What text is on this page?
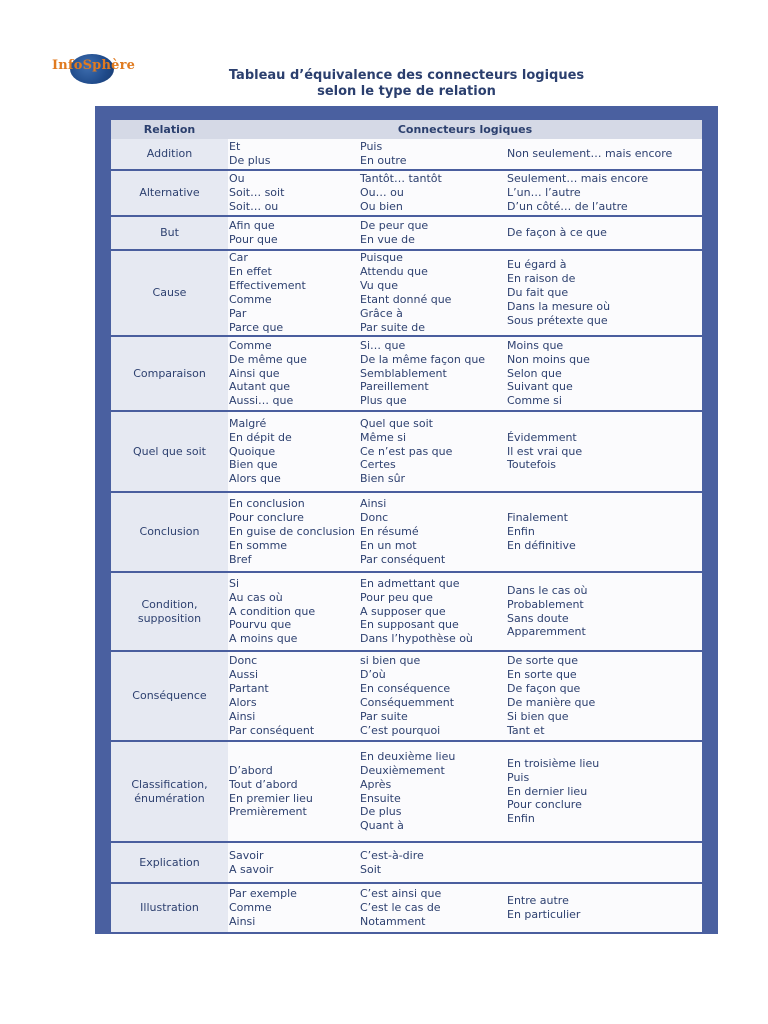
InfoSphère
Tableau d’équivalence des connecteurs logiques
selon le type de relation
Relation	Connecteurs logiques
Addition
Et
De plus
Puis
En outre
Non seulement… mais encore
Alternative
Ou
Soit… soit
Soit… ou
Tantôt… tantôt
Ou… ou
Ou bien
Seulement… mais encore
L’un… l’autre
D’un côté… de l’autre
But
Afin que
Pour que
De peur que
En vue de
De façon à ce que
Cause
Car
En effet
Effectivement
Comme
Par
Parce que
Puisque
Attendu que
Vu que
Etant donné que
Grâce à
Par suite de
Eu égard à
En raison de
Du fait que
Dans la mesure où
Sous prétexte que
Comparaison
Comme
De même que
Ainsi que
Autant que
Aussi… que
Si… que
De la même façon que
Semblablement
Pareillement
Plus que
Moins que
Non moins que
Selon que
Suivant que
Comme si
Quel que soit
Malgré
En dépit de
Quoique
Bien que
Alors que
Quel que soit
Même si
Ce n’est pas que
Certes
Bien sûr
Évidemment
Il est vrai que
Toutefois
Conclusion
En conclusion
Pour conclure
En guise de conclusion
En somme
Bref
Ainsi
Donc
En résumé
En un mot
Par conséquent
Finalement
Enfin
En définitive
Condition,
supposition
Si
Au cas où
A condition que
Pourvu que
A moins que
En admettant que
Pour peu que
A supposer que
En supposant que
Dans l’hypothèse où
Dans le cas où
Probablement
Sans doute
Apparemment
Conséquence
Donc
Aussi
Partant
Alors
Ainsi
Par conséquent
si bien que
D’où
En conséquence
Conséquemment
Par suite
C’est pourquoi
De sorte que
En sorte que
De façon que
De manière que
Si bien que
Tant et
Classification,
énumération
D’abord
Tout d’abord
En premier lieu
Premièrement
En deuxième lieu
Deuxièmement
Après
Ensuite
De plus
Quant à
En troisième lieu
Puis
En dernier lieu
Pour conclure
Enfin
Explication
Savoir
A savoir
C’est-à-dire
Soit
Illustration
Par exemple
Comme
Ainsi
C’est ainsi que
C’est le cas de
Notamment
Entre autre
En particulier
